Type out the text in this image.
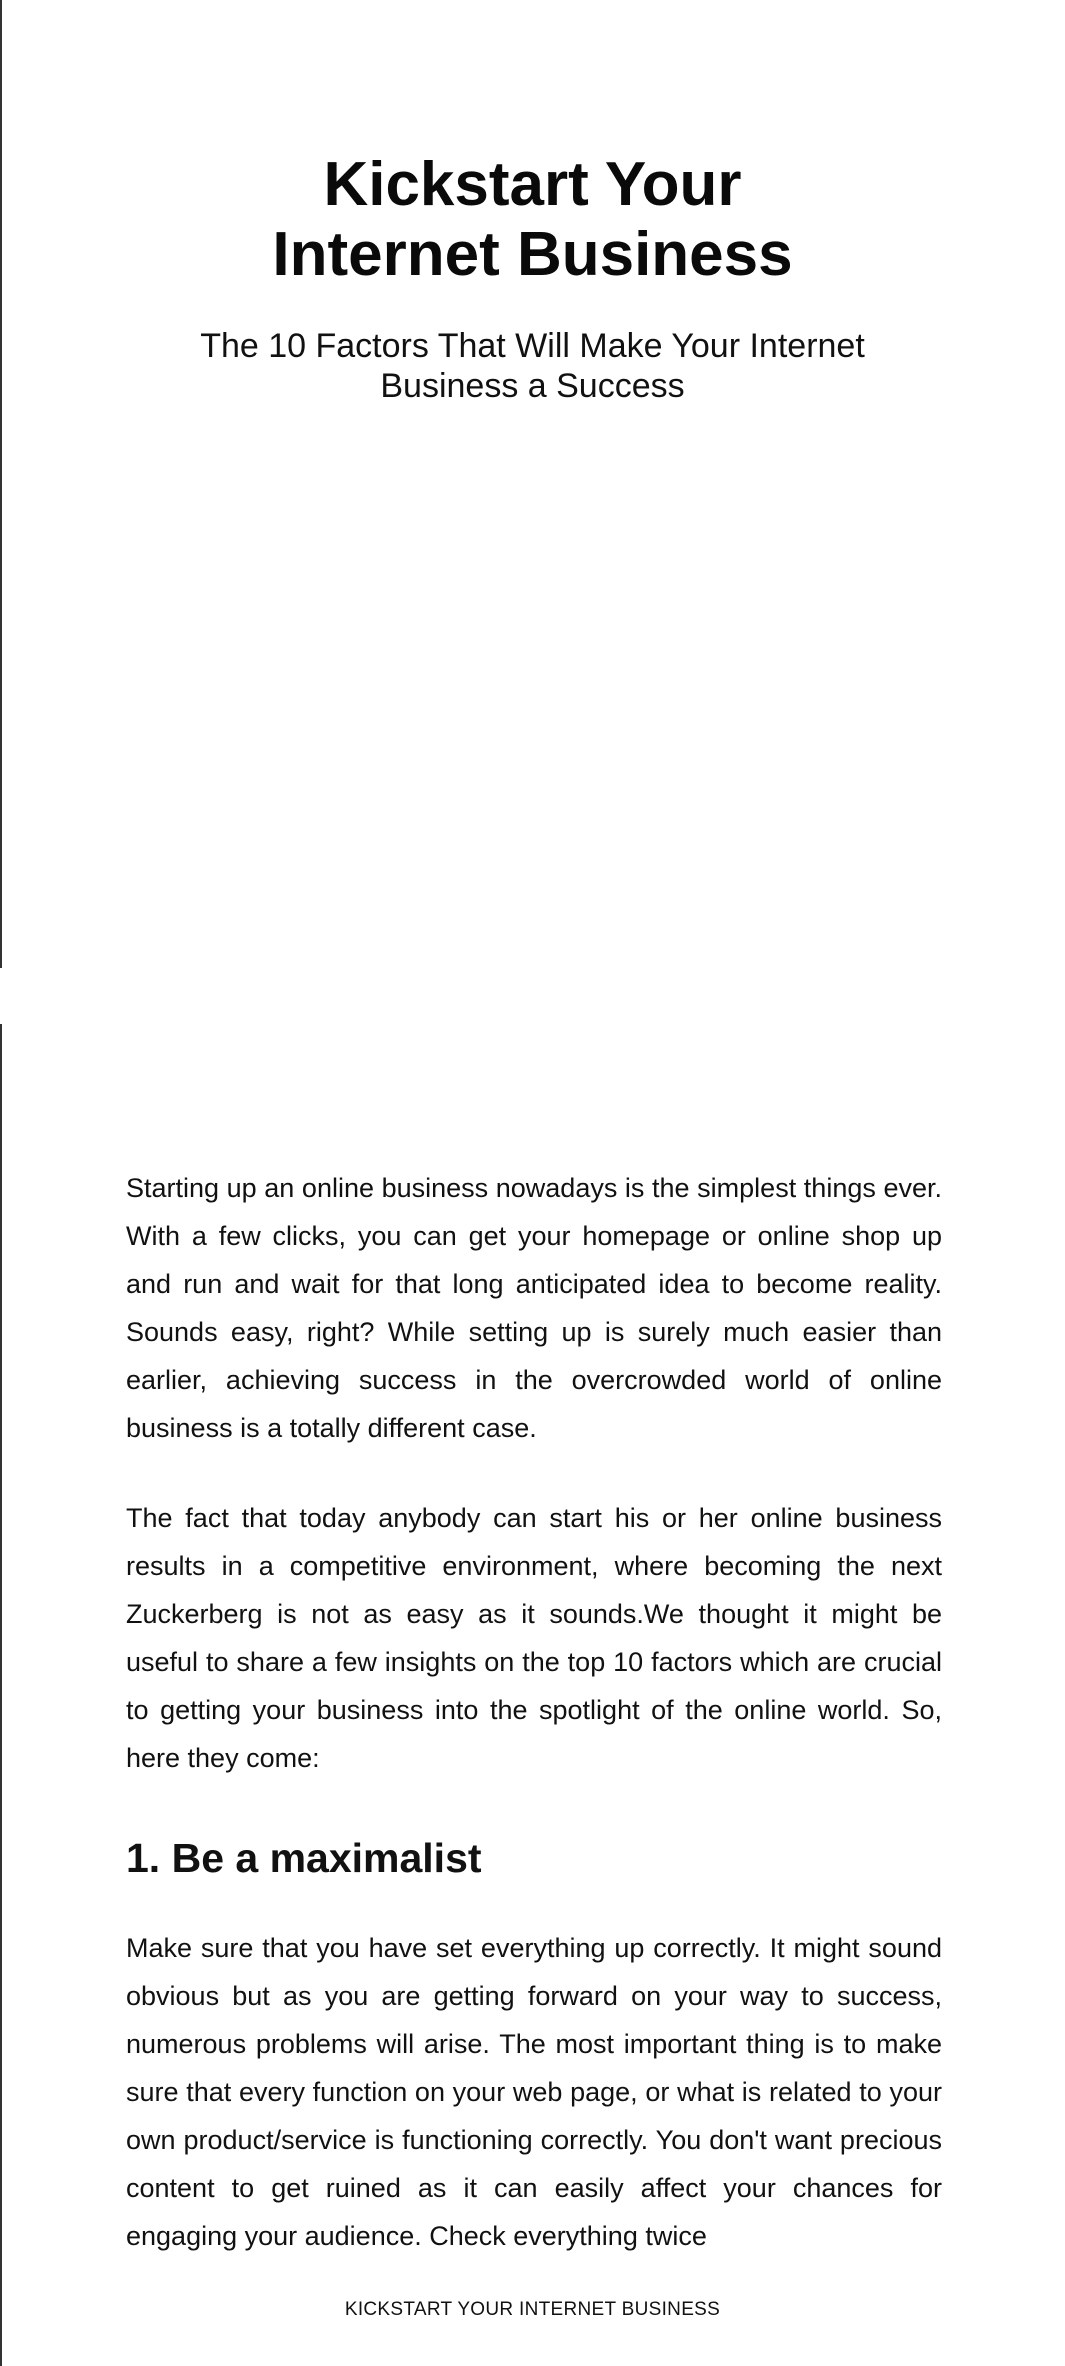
Kickstart Your
Internet Business
The 10 Factors That Will Make Your Internet
Business a Success

Starting up an online business nowadays is the simplest things ever. With a few clicks, you can get your homepage or online shop up and run and wait for that long anticipated idea to become reality. Sounds easy, right? While setting up is surely much easier than earlier, achieving success in the overcrowded world of online business is a totally different case.

The fact that today anybody can start his or her online business results in a competitive environment, where becoming the next Zuckerberg is not as easy as it sounds.We thought it might be useful to share a few insights on the top 10 factors which are crucial to getting your business into the spotlight of the online world. So, here they come:

1. Be a maximalist

Make sure that you have set everything up correctly. It might sound obvious but as you are getting forward on your way to success, numerous problems will arise. The most important thing is to make sure that every function on your web page, or what is related to your own product/service is functioning correctly. You don't want precious content to get ruined as it can easily affect your chances for engaging your audience. Check everything twice

KICKSTART YOUR INTERNET BUSINESS
